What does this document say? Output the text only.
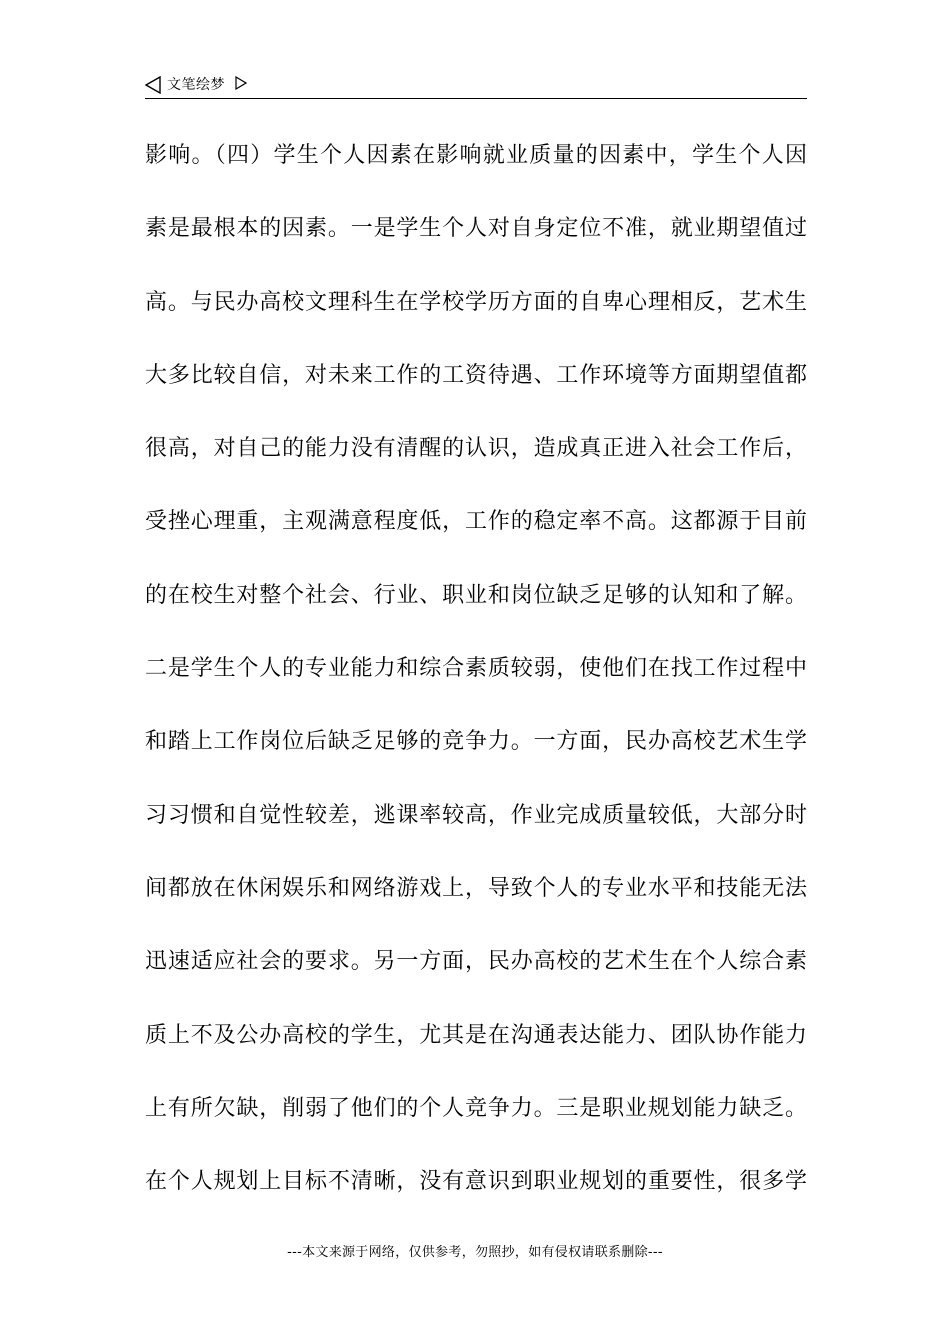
文笔绘梦
影响。（四）学生个人因素在影响就业质量的因素中，学生个人因
素是最根本的因素。一是学生个人对自身定位不准，就业期望值过
高。与民办高校文理科生在学校学历方面的自卑心理相反，艺术生
大多比较自信，对未来工作的工资待遇、工作环境等方面期望值都
很高，对自己的能力没有清醒的认识，造成真正进入社会工作后，
受挫心理重，主观满意程度低，工作的稳定率不高。这都源于目前
的在校生对整个社会、行业、职业和岗位缺乏足够的认知和了解。
二是学生个人的专业能力和综合素质较弱，使他们在找工作过程中
和踏上工作岗位后缺乏足够的竞争力。一方面，民办高校艺术生学
习习惯和自觉性较差，逃课率较高，作业完成质量较低，大部分时
间都放在休闲娱乐和网络游戏上，导致个人的专业水平和技能无法
迅速适应社会的要求。另一方面，民办高校的艺术生在个人综合素
质上不及公办高校的学生，尤其是在沟通表达能力、团队协作能力
上有所欠缺，削弱了他们的个人竞争力。三是职业规划能力缺乏。
在个人规划上目标不清晰，没有意识到职业规划的重要性，很多学
---本文来源于网络，仅供参考，勿照抄，如有侵权请联系删除---
